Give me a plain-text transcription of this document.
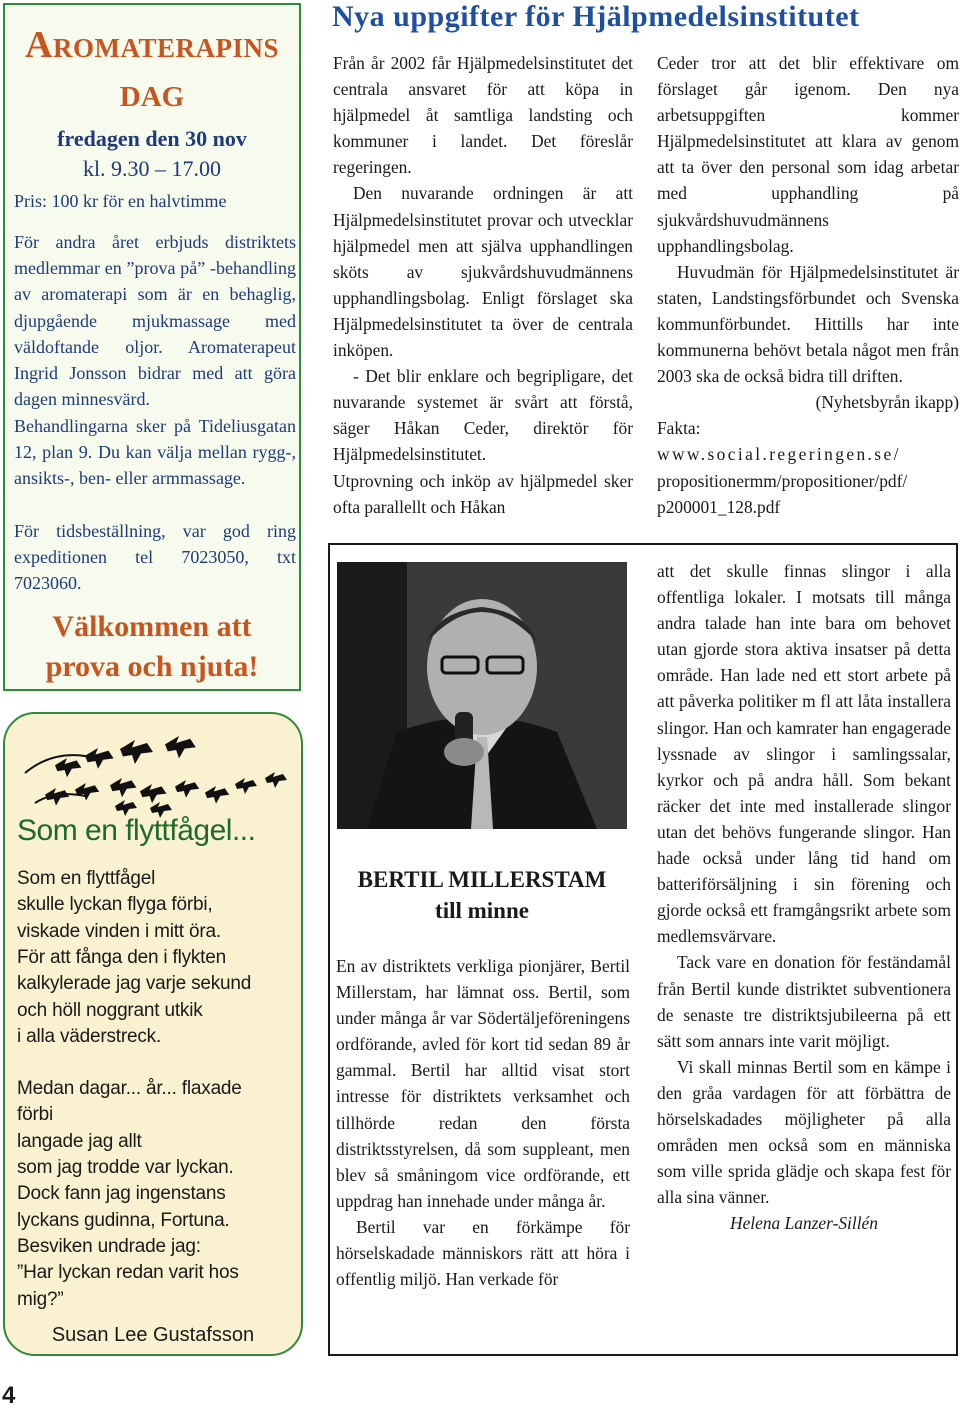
AROMATERAPINS
DAG
fredagen den 30 nov
kl. 9.30 – 17.00
Pris: 100 kr för en halvtimme
För andra året erbjuds distriktets medlemmar en ”prova på” -behandling av aromaterapi som är en behaglig, djupgående mjukmassage med väldoftande oljor. Aromaterapeut Ingrid Jonsson bidrar med att göra dagen minnesvärd.
Behandlingarna sker på Tideliusgatan 12, plan 9. Du kan välja mellan rygg-, ansikts-, ben- eller armmassage.
För tidsbeställning, var god ring expeditionen tel 7023050, txt 7023060.
Välkommen att
prova och njuta!
Som en flyttfågel...
Som en flyttfågel
skulle lyckan flyga förbi,
viskade vinden i mitt öra.
För att fånga den i flykten
kalkylerade jag varje sekund
och höll noggrant utkik
i alla väderstreck.
Medan dagar... år... flaxade
förbi
langade jag allt
som jag trodde var lyckan.
Dock fann jag ingenstans
lyckans gudinna, Fortuna.
Besviken undrade jag:
”Har lyckan redan varit hos
mig?”
Susan Lee Gustafsson
4
Nya uppgifter för Hjälpmedelsinstitutet

Från år 2002 får Hjälpmedelsinstitutet det centrala ansvaret för att köpa in hjälpmedel åt samtliga landsting och kommuner i landet. Det föreslår regeringen.

Den nuvarande ordningen är att Hjälpmedelsinstitutet provar och utvecklar hjälpmedel men att själva upphandlingen sköts av sjukvårdshuvudmännens upphandlingsbolag. Enligt förslaget ska Hjälpmedelsinstitutet ta över de centrala inköpen.

- Det blir enklare och begripligare, det nuvarande systemet är svårt att förstå, säger Håkan Ceder, direktör för Hjälpmedelsinstitutet.

Utprovning och inköp av hjälpmedel sker ofta parallellt och Håkan

Ceder tror att det blir effektivare om förslaget går igenom. Den nya arbetsuppgiften kommer Hjälpmedelsinstitutet att klara av genom att ta över den personal som idag arbetar med upphandling på sjukvårdshuvudmännens upphandlingsbolag.

Huvudmän för Hjälpmedelsinstitutet är staten, Landstingsförbundet och Svenska kommunförbundet. Hittills har inte kommunerna behövt betala något men från 2003 ska de också bidra till driften.

(Nyhetsbyrån ikapp)

Fakta:

www.social.regeringen.se/

propositionermm/propositioner/pdf/

p200001_128.pdf

BERTIL MILLERSTAM
till minne

En av distriktets verkliga pionjärer, Bertil Millerstam, har lämnat oss. Bertil, som under många år var Södertäljeföreningens ordförande, avled för kort tid sedan 89 år gammal. Bertil har alltid visat stort intresse för distriktets verksamhet och tillhörde redan den första distriktsstyrelsen, då som suppleant, men blev så småningom vice ordförande, ett uppdrag han innehade under många år.

Bertil var en förkämpe för hörselskadade människors rätt att höra i offentlig miljö. Han verkade för

att det skulle finnas slingor i alla offentliga lokaler. I motsats till många andra talade han inte bara om behovet utan gjorde stora aktiva insatser på detta område. Han lade ned ett stort arbete på att påverka politiker m fl att låta installera slingor. Han och kamrater han engagerade lyssnade av slingor i samlingssalar, kyrkor och på andra håll. Som bekant räcker det inte med installerade slingor utan det behövs fungerande slingor. Han hade också under lång tid hand om batteriförsäljning i sin förening och gjorde också ett framgångsrikt arbete som medlemsvärvare.

Tack vare en donation för feständamål från Bertil kunde distriktet subventionera de senaste tre distriktsjubileerna på ett sätt som annars inte varit möjligt.

Vi skall minnas Bertil som en kämpe i den gråa vardagen för att förbättra de hörselskadades möjligheter på alla områden men också som en människa som ville sprida glädje och skapa fest för alla sina vänner.

Helena Lanzer-Sillén
